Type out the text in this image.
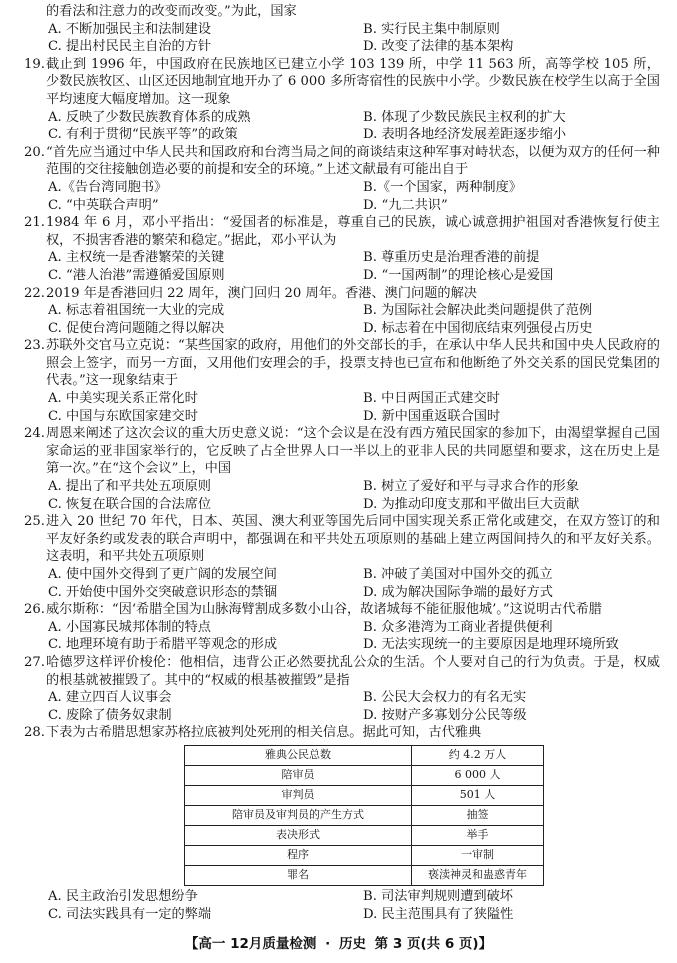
的看法和注意力的改变而改变。”为此，国家
A. 不断加强民主和法制建设	B. 实行民主集中制原则
C. 提出村民民主自治的方针	D. 改变了法律的基本架构
19. 截止到 1996 年，中国政府在民族地区已建立小学 103 139 所，中学 11 563 所，高等学校 105 所，少数民族牧区、山区还因地制宜地开办了 6 000 多所寄宿性的民族中小学。少数民族在校学生以高于全国平均速度大幅度增加。这一现象
A. 反映了少数民族教育体系的成熟	B. 体现了少数民族民主权利的扩大
C. 有利于贯彻“民族平等”的政策	D. 表明各地经济发展差距逐步缩小
20. “首先应当通过中华人民共和国政府和台湾当局之间的商谈结束这种军事对峙状态，以便为双方的任何一种范围的交往接触创造必要的前提和安全的环境。”上述文献最有可能出自于
A.《告台湾同胞书》	B.《一个国家，两种制度》
C. “中英联合声明”	D. “九二共识”
21. 1984 年 6 月，邓小平指出：“爱国者的标准是，尊重自己的民族，诚心诚意拥护祖国对香港恢复行使主权，不损害香港的繁荣和稳定。”据此，邓小平认为
A. 主权统一是香港繁荣的关键	B. 尊重历史是治理香港的前提
C. “港人治港”需遵循爱国原则	D. “一国两制”的理论核心是爱国
22. 2019 年是香港回归 22 周年，澳门回归 20 周年。香港、澳门问题的解决
A. 标志着祖国统一大业的完成	B. 为国际社会解决此类问题提供了范例
C. 促使台湾问题随之得以解决	D. 标志着在中国彻底结束列强侵占历史
23. 苏联外交官马立克说：“某些国家的政府，用他们的外交部长的手，在承认中华人民共和国中央人民政府的照会上签字，而另一方面，又用他们安理会的手，投票支持也已宣布和他断绝了外交关系的国民党集团的代表。”这一现象结束于
A. 中美实现关系正常化时	B. 中日两国正式建交时
C. 中国与东欧国家建交时	D. 新中国重返联合国时
24. 周恩来阐述了这次会议的重大历史意义说：“这个会议是在没有西方殖民国家的参加下，由渴望掌握自己国家命运的亚非国家举行的，它反映了占全世界人口一半以上的亚非人民的共同愿望和要求，这在历史上是第一次。”在“这个会议”上，中国
A. 提出了和平共处五项原则	B. 树立了爱好和平与寻求合作的形象
C. 恢复在联合国的合法席位	D. 为推动印度支那和平做出巨大贡献
25. 进入 20 世纪 70 年代，日本、英国、澳大利亚等国先后同中国实现关系正常化或建交，在双方签订的和平友好条约或发表的联合声明中，都强调在和平共处五项原则的基础上建立两国间持久的和平友好关系。这表明，和平共处五项原则
A. 使中国外交得到了更广阔的发展空间	B. 冲破了美国对中国外交的孤立
C. 开始使中国外交突破意识形态的禁锢	D. 成为解决国际争端的最好方式
26. 威尔斯称：“因‘希腊全国为山脉海臂割成多数小山谷，故诸城每不能征服他城’。”这说明古代希腊
A. 小国寡民城邦体制的特点	B. 众多港湾为工商业者提供便利
C. 地理环境有助于希腊平等观念的形成	D. 无法实现统一的主要原因是地理环境所致
27. 哈德罗这样评价梭伦：他相信，违背公正必然要扰乱公众的生活。个人要对自己的行为负责。于是，权威的根基就被摧毁了。其中的“权威的根基被摧毁”是指
A. 建立四百人议事会	B. 公民大会权力的有名无实
C. 废除了债务奴隶制	D. 按财产多寡划分公民等级
28. 下表为古希腊思想家苏格拉底被判处死刑的相关信息。据此可知，古代雅典
雅典公民总数	约 4.2 万人
陪审员	6 000 人
审判员	501 人
陪审员及审判员的产生方式	抽签
表决形式	举手
程序	一审制
罪名	亵渎神灵和蛊惑青年
A. 民主政治引发思想纷争	B. 司法审判规则遭到破坏
C. 司法实践具有一定的弊端	D. 民主范围具有了狭隘性
【高一 12月质量检测 · 历史 第 3 页(共 6 页)】
